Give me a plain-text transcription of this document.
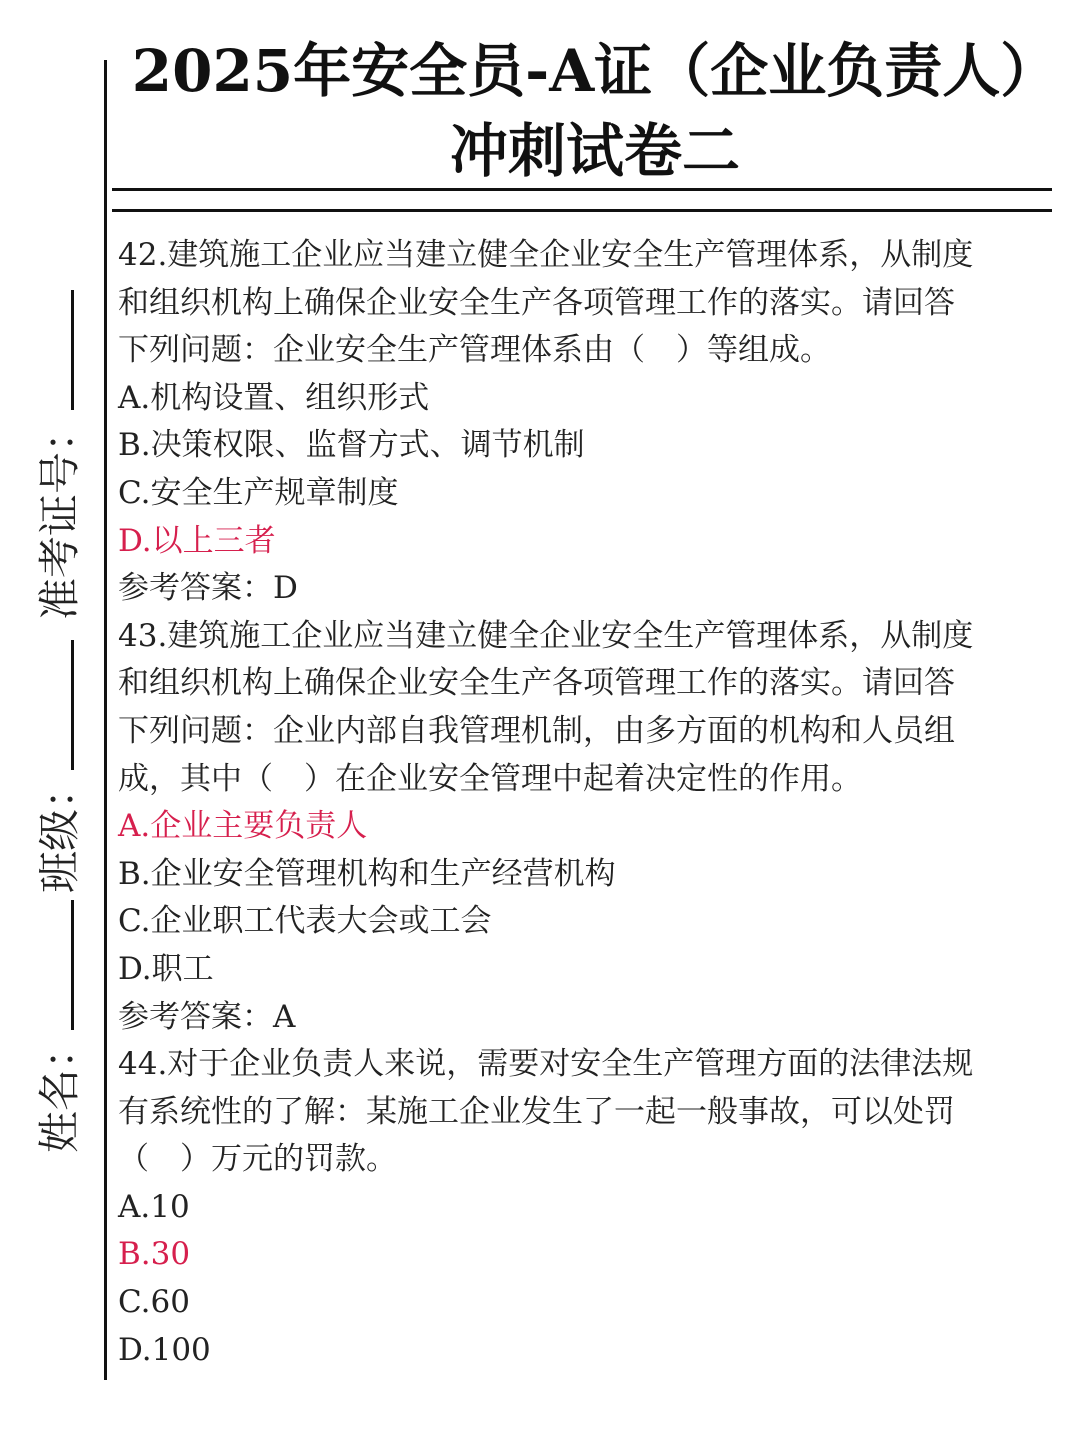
2025年安全员-A证（企业负责人）
冲刺试卷二
准考证号：
班级：
姓名：
42.建筑施工企业应当建立健全企业安全生产管理体系，从制度
和组织机构上确保企业安全生产各项管理工作的落实。请回答
下列问题：企业安全生产管理体系由（　）等组成。
A.机构设置、组织形式
B.决策权限、监督方式、调节机制
C.安全生产规章制度
D.以上三者
参考答案：D
43.建筑施工企业应当建立健全企业安全生产管理体系，从制度
和组织机构上确保企业安全生产各项管理工作的落实。请回答
下列问题：企业内部自我管理机制，由多方面的机构和人员组
成，其中（　）在企业安全管理中起着决定性的作用。
A.企业主要负责人
B.企业安全管理机构和生产经营机构
C.企业职工代表大会或工会
D.职工
参考答案：A
44.对于企业负责人来说，需要对安全生产管理方面的法律法规
有系统性的了解：某施工企业发生了一起一般事故，可以处罚
（　）万元的罚款。
A.10
B.30
C.60
D.100
